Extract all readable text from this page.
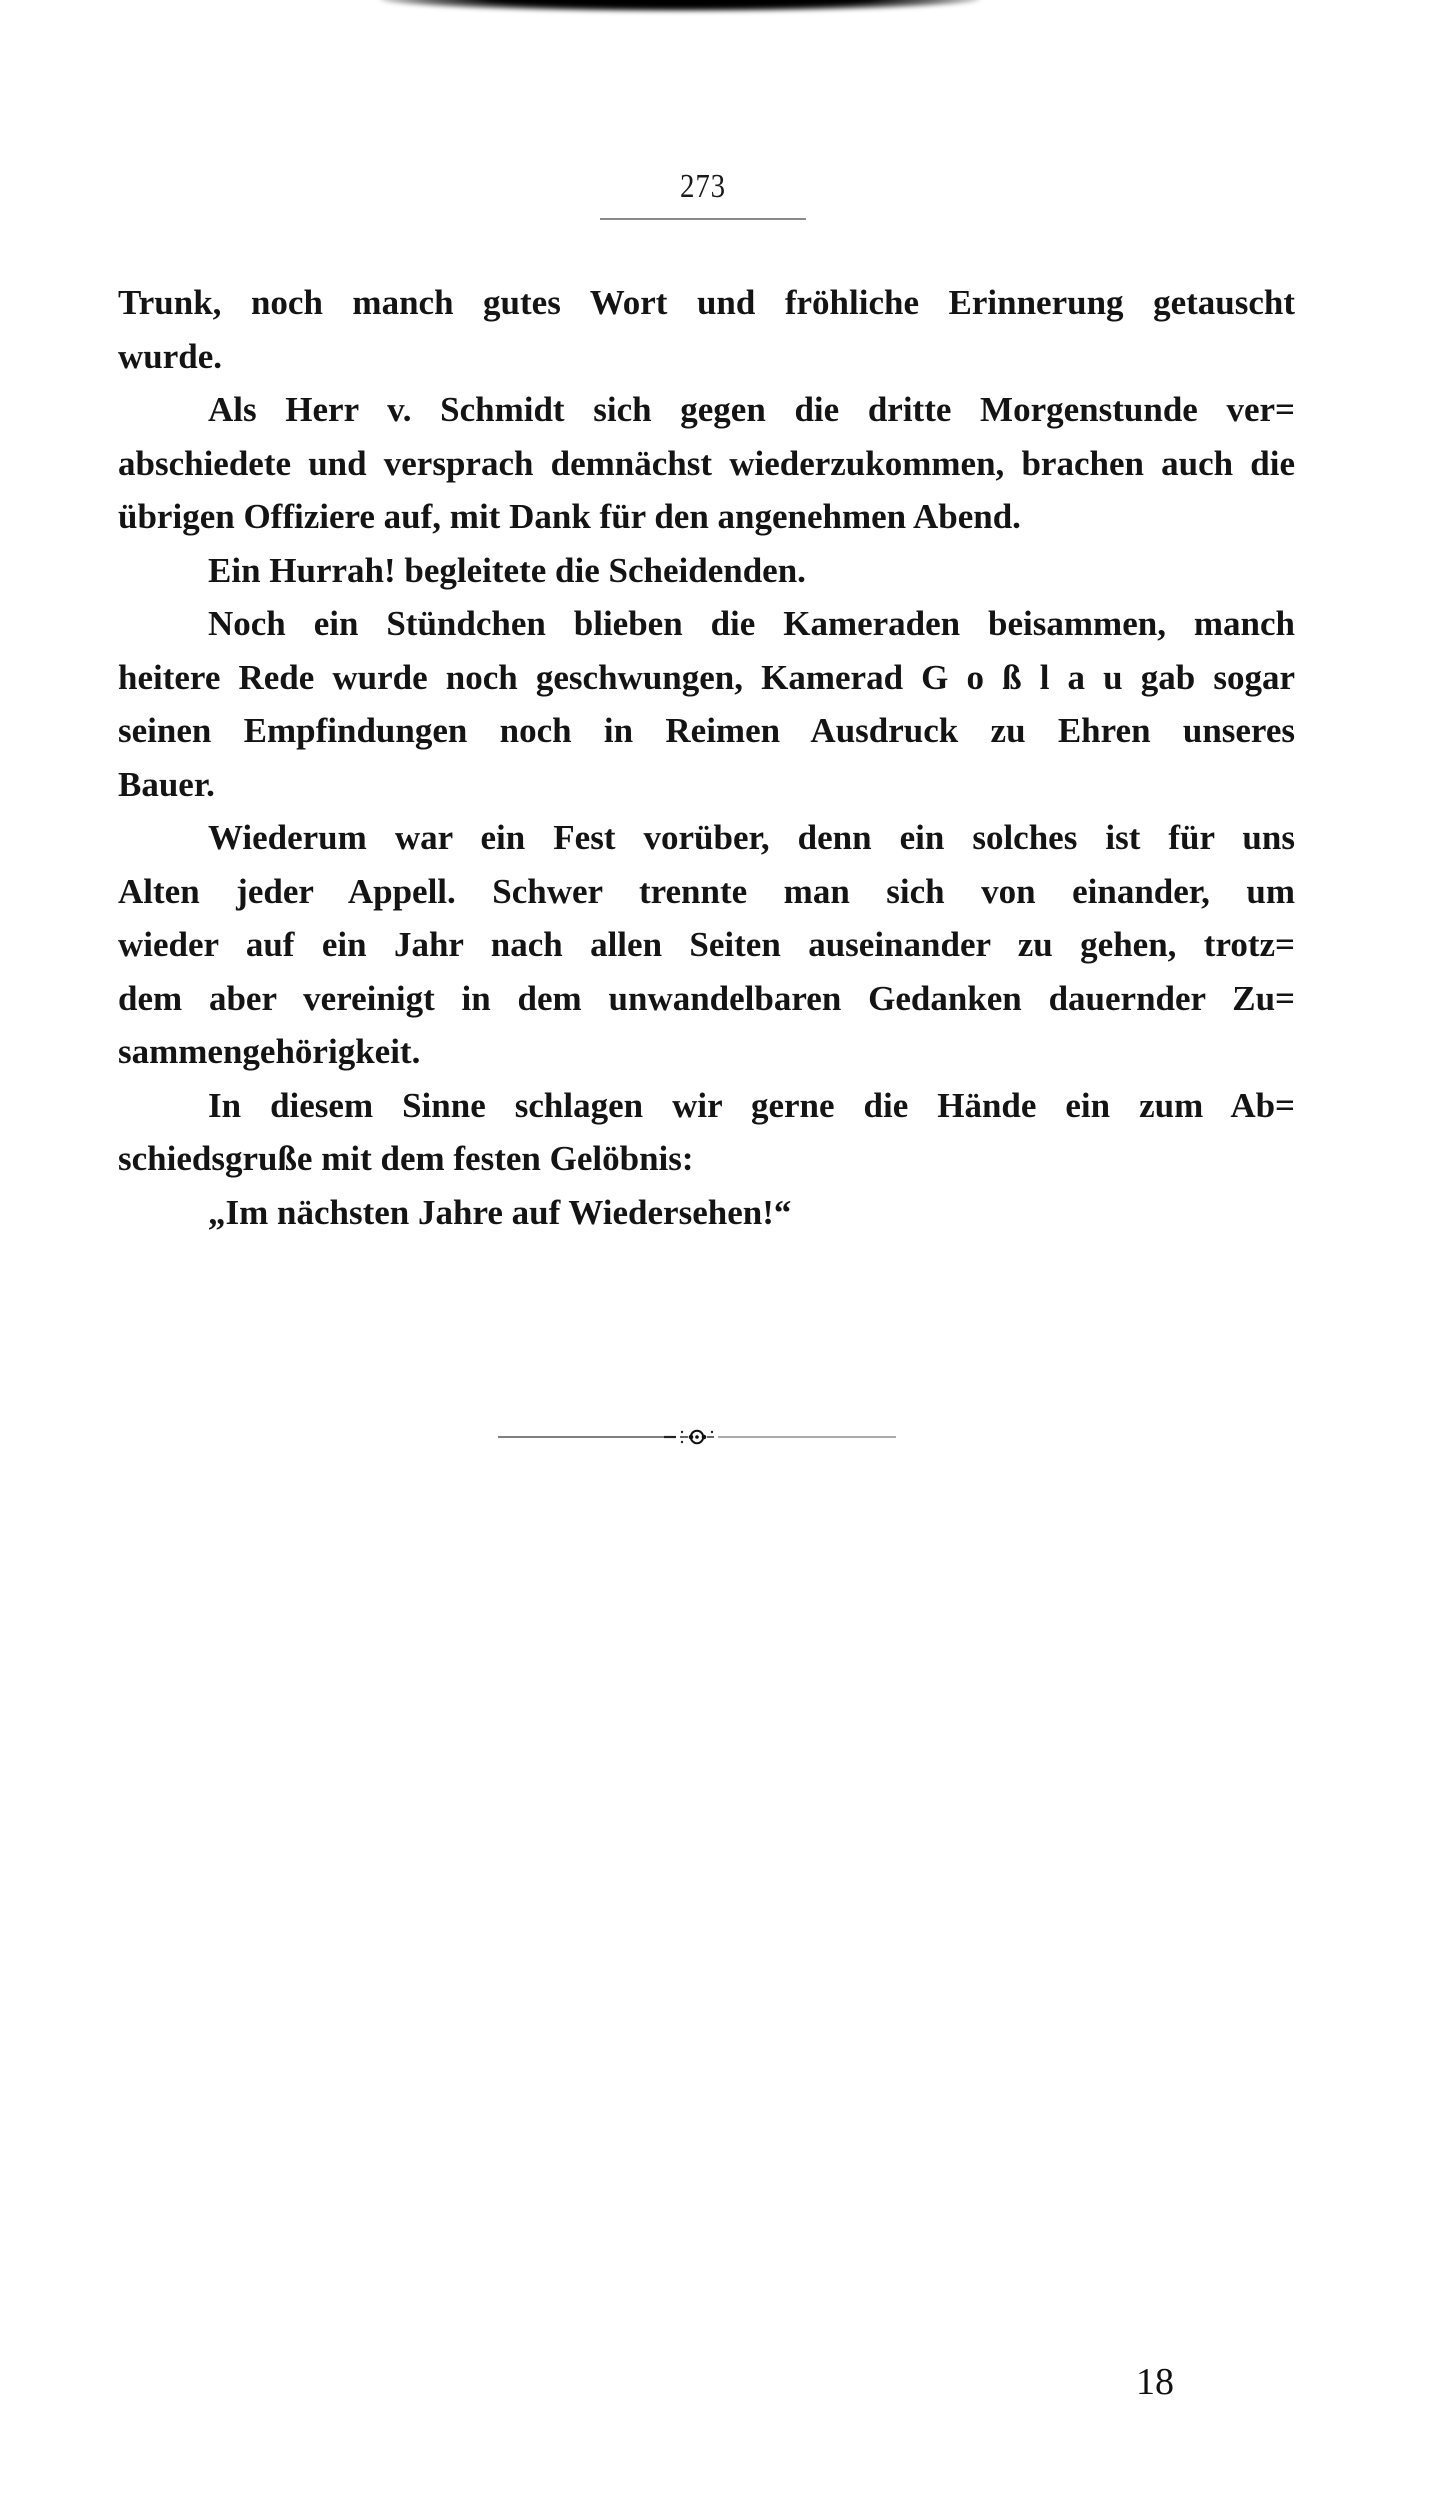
273
Trunk, noch manch gutes Wort und fröhliche Erinnerung getauscht
wurde.
Als Herr v. Schmidt sich gegen die dritte Morgenstunde ver=
abschiedete und versprach demnächst wiederzukommen, brachen auch die
übrigen Offiziere auf, mit Dank für den angenehmen Abend.
Ein Hurrah! begleitete die Scheidenden.
Noch ein Stündchen blieben die Kameraden beisammen, manch
heitere Rede wurde noch geschwungen, Kamerad G o ß l a u gab sogar
seinen Empfindungen noch in Reimen Ausdruck zu Ehren unseres
Bauer.
Wiederum war ein Fest vorüber, denn ein solches ist für uns
Alten jeder Appell. Schwer trennte man sich von einander, um
wieder auf ein Jahr nach allen Seiten auseinander zu gehen, trotz=
dem aber vereinigt in dem unwandelbaren Gedanken dauernder Zu=
sammengehörigkeit.
In diesem Sinne schlagen wir gerne die Hände ein zum Ab=
schiedsgruße mit dem festen Gelöbnis:
„Im nächsten Jahre auf Wiedersehen!“
18
